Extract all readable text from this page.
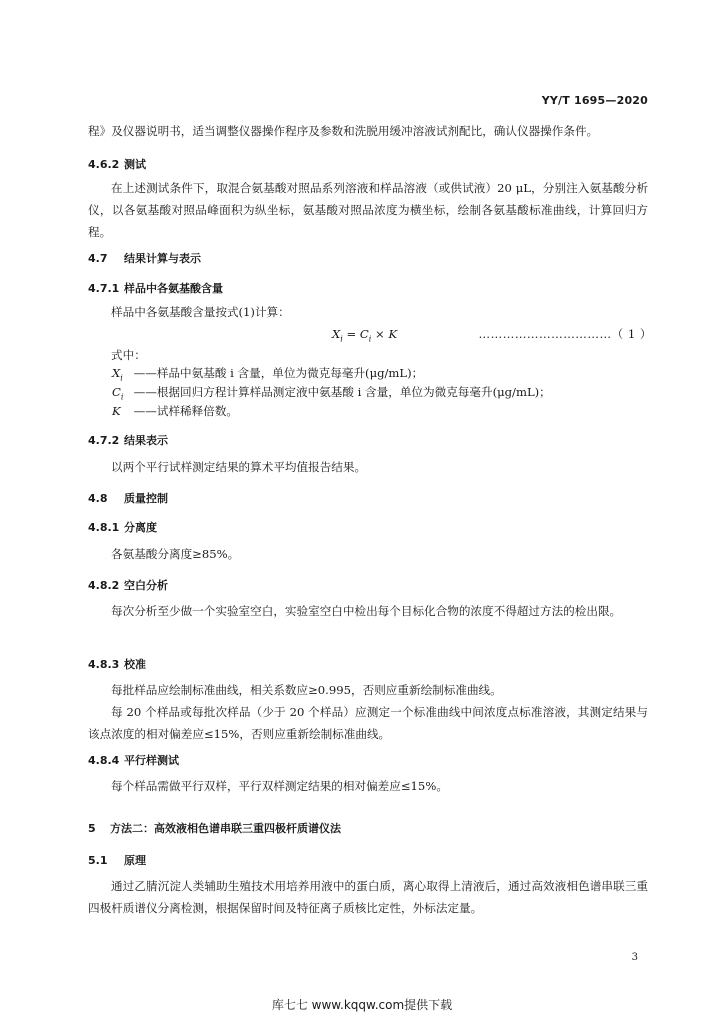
YY/T 1695—2020
程》及仪器说明书，适当调整仪器操作程序及参数和洗脱用缓冲溶液试剂配比，确认仪器操作条件。
4.6.2 测试
在上述测试条件下，取混合氨基酸对照品系列溶液和样品溶液（或供试液）20 μL，分别注入氨基酸分析仪，以各氨基酸对照品峰面积为纵坐标，氨基酸对照品浓度为横坐标，绘制各氨基酸标准曲线，计算回归方程。
4.7 结果计算与表示
4.7.1 样品中各氨基酸含量
样品中各氨基酸含量按式(1)计算：
$X_i = C_i \times K$	……………………………（ 1 ）
式中：
$X_i$ ——样品中氨基酸 i 含量，单位为微克每毫升(μg/mL)；
$C_i$ ——根据回归方程计算样品测定液中氨基酸 i 含量，单位为微克每毫升(μg/mL)；
K ——试样稀释倍数。
4.7.2 结果表示
以两个平行试样测定结果的算术平均值报告结果。
4.8 质量控制
4.8.1 分离度
各氨基酸分离度≥85%。
4.8.2 空白分析
每次分析至少做一个实验室空白，实验室空白中检出每个目标化合物的浓度不得超过方法的检出限。
4.8.3 校准
每批样品应绘制标准曲线，相关系数应≥0.995，否则应重新绘制标准曲线。
每 20 个样品或每批次样品（少于 20 个样品）应测定一个标准曲线中间浓度点标准溶液，其测定结果与该点浓度的相对偏差应≤15%，否则应重新绘制标准曲线。
4.8.4 平行样测试
每个样品需做平行双样，平行双样测定结果的相对偏差应≤15%。
5 方法二：高效液相色谱串联三重四极杆质谱仪法
5.1 原理
通过乙腈沉淀人类辅助生殖技术用培养用液中的蛋白质，离心取得上清液后，通过高效液相色谱串联三重四极杆质谱仪分离检测，根据保留时间及特征离子质核比定性，外标法定量。
3
库七七 www.kqqw.com提供下载
